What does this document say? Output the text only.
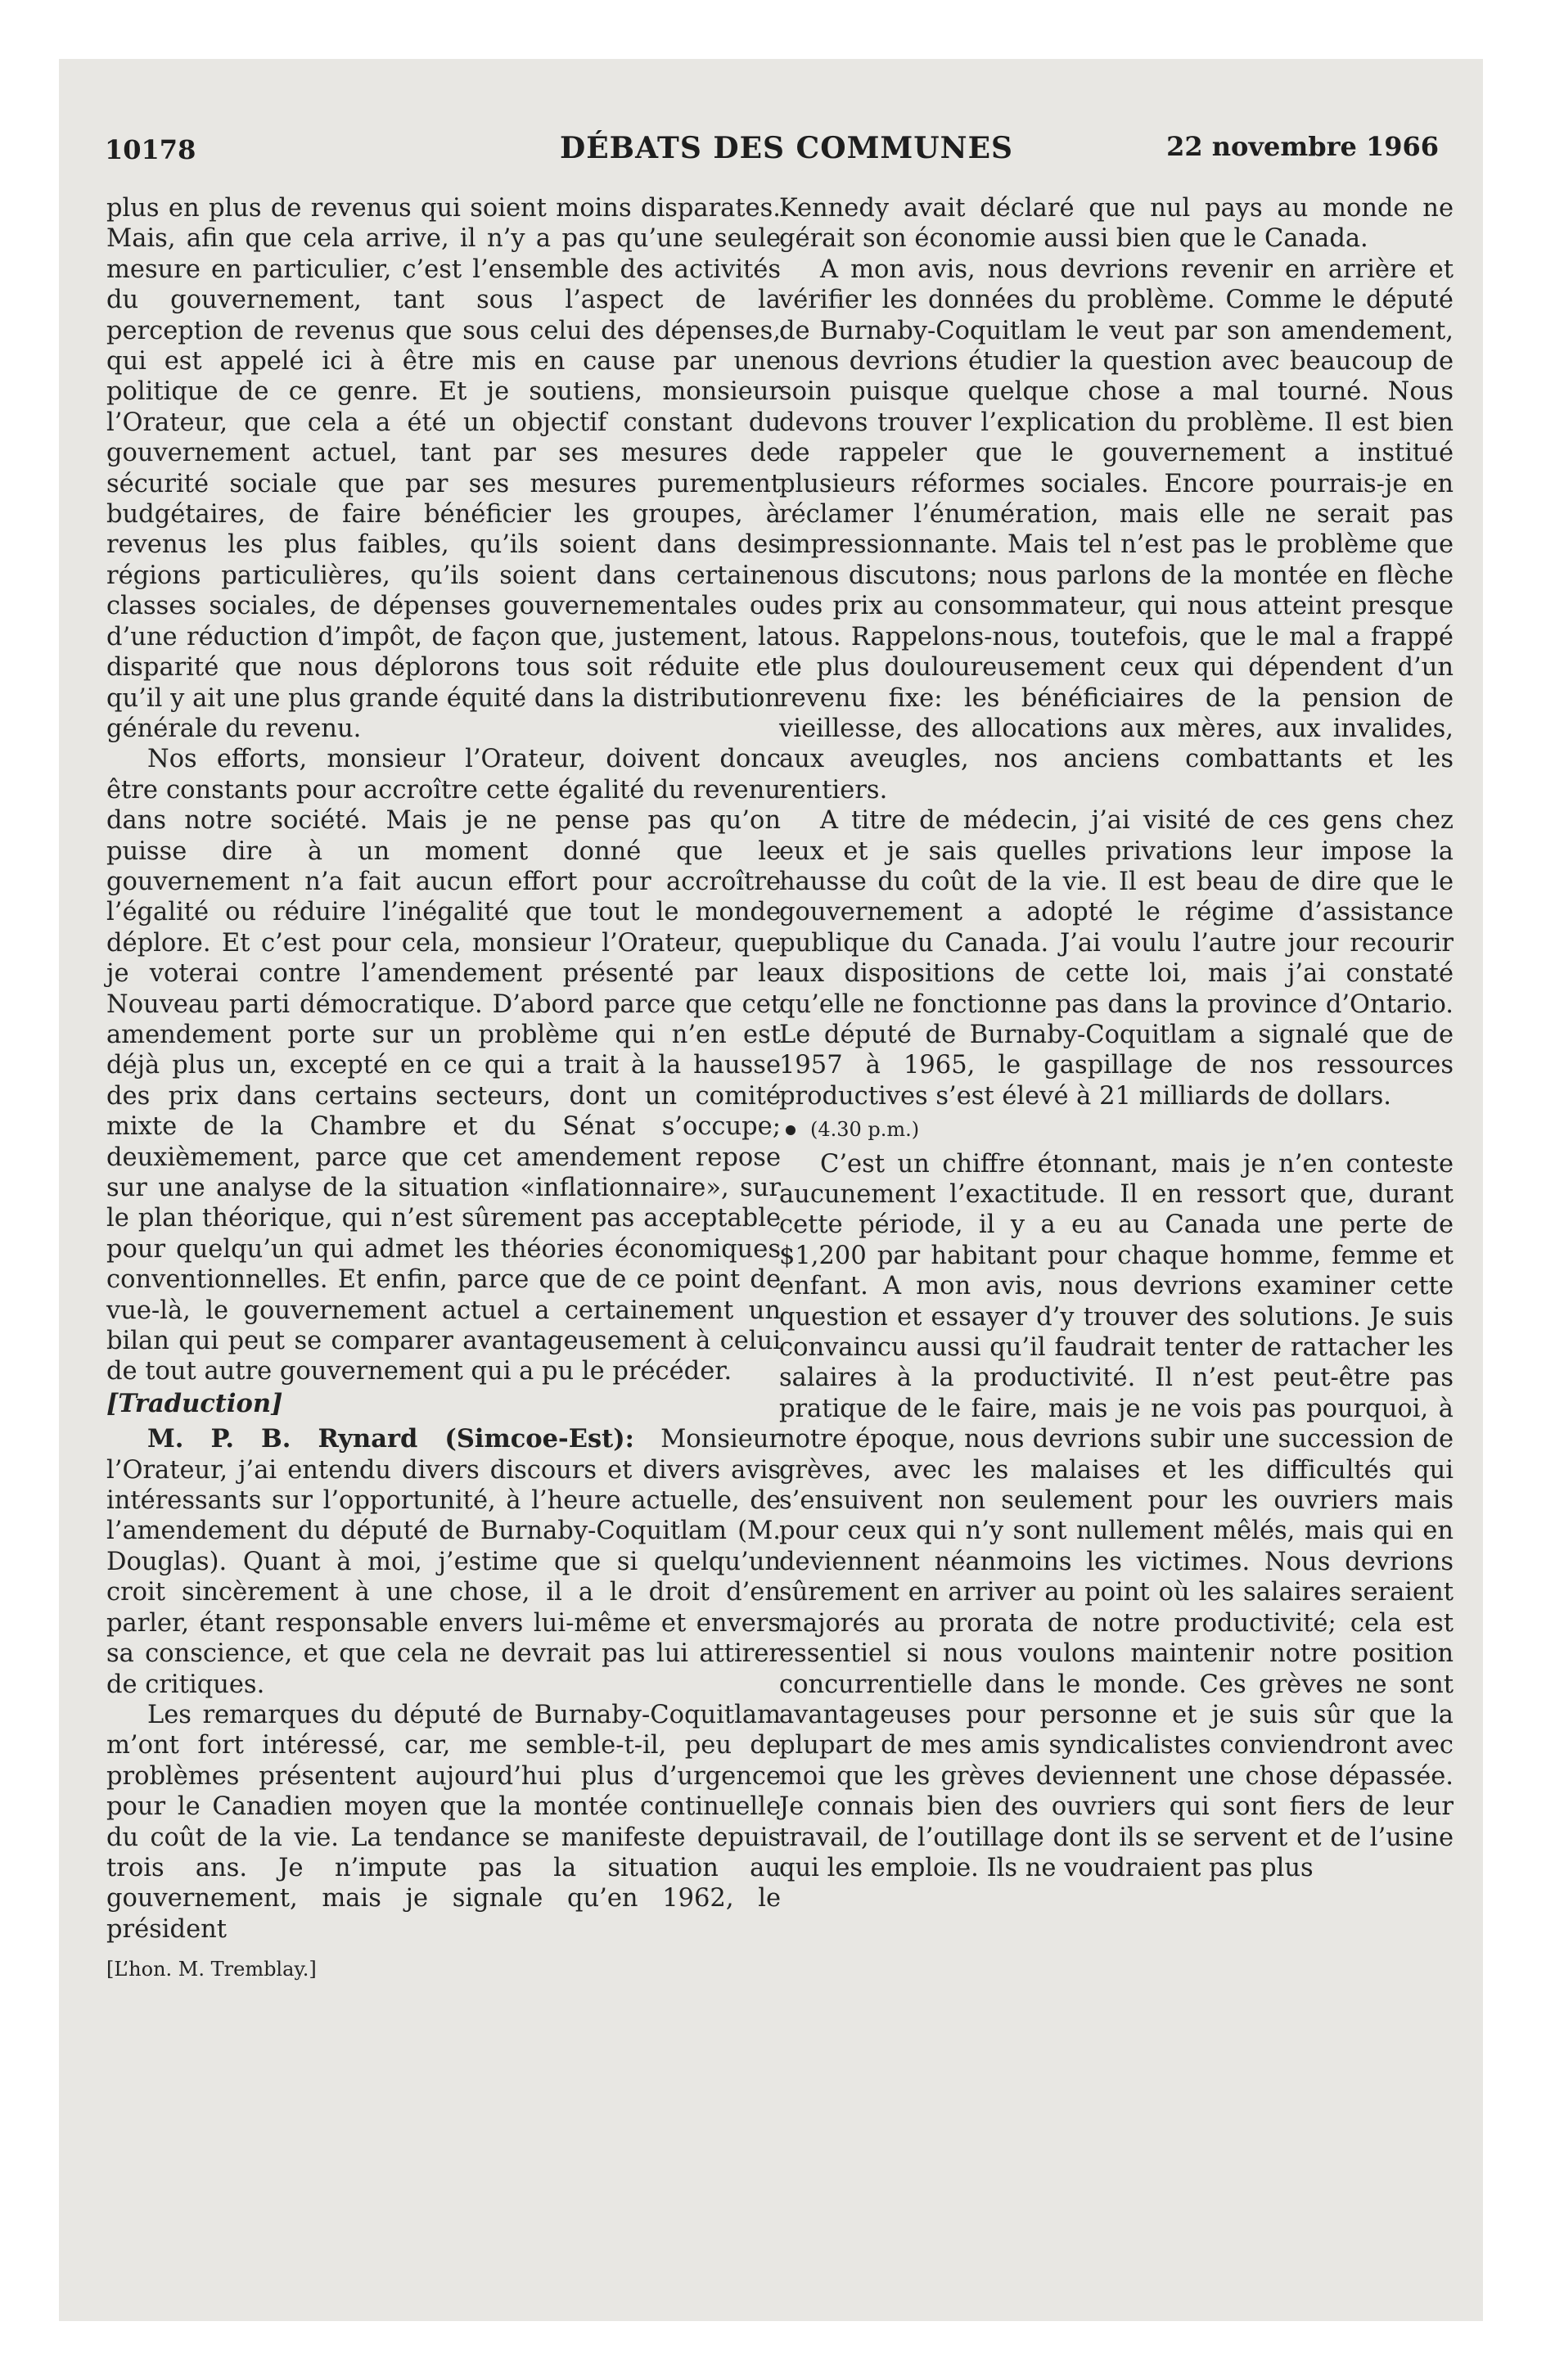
10178	DÉBATS DES COMMUNES	22 novembre 1966

plus en plus de revenus qui soient moins disparates. Mais, afin que cela arrive, il n’y a pas qu’une seule mesure en particulier, c’est l’ensemble des activités du gouvernement, tant sous l’aspect de la perception de revenus que sous celui des dépenses, qui est appelé ici à être mis en cause par une politique de ce genre. Et je soutiens, monsieur l’Orateur, que cela a été un objectif constant du gouvernement actuel, tant par ses mesures de sécurité sociale que par ses mesures purement budgétaires, de faire bénéficier les groupes, à revenus les plus faibles, qu’ils soient dans des régions particulières, qu’ils soient dans certaine classes sociales, de dépenses gouvernementales ou d’une réduction d’impôt, de façon que, justement, la disparité que nous déplorons tous soit réduite et qu’il y ait une plus grande équité dans la distribution générale du revenu.

Nos efforts, monsieur l’Orateur, doivent donc être constants pour accroître cette égalité du revenu dans notre société. Mais je ne pense pas qu’on puisse dire à un moment donné que le gouvernement n’a fait aucun effort pour accroître l’égalité ou réduire l’inégalité que tout le monde déplore. Et c’est pour cela, monsieur l’Orateur, que je voterai contre l’amendement présenté par le Nouveau parti démocratique. D’abord parce que cet amendement porte sur un problème qui n’en est déjà plus un, excepté en ce qui a trait à la hausse des prix dans certains secteurs, dont un comité mixte de la Chambre et du Sénat s’occupe; deuxièmement, parce que cet amendement repose sur une analyse de la situation «inflationnaire», sur le plan théorique, qui n’est sûrement pas acceptable pour quelqu’un qui admet les théories économiques conventionnelles. Et enfin, parce que de ce point de vue-là, le gouvernement actuel a certainement un bilan qui peut se comparer avantageusement à celui de tout autre gouvernement qui a pu le précéder.

[Traduction]

M. P. B. Rynard (Simcoe-Est): Monsieur l’Orateur, j’ai entendu divers discours et divers avis intéressants sur l’opportunité, à l’heure actuelle, de l’amendement du député de Burnaby-Coquitlam (M. Douglas). Quant à moi, j’estime que si quelqu’un croit sincèrement à une chose, il a le droit d’en parler, étant responsable envers lui-même et envers sa conscience, et que cela ne devrait pas lui attirer de critiques.

Les remarques du député de Burnaby-Coquitlam m’ont fort intéressé, car, me semble-t-il, peu de problèmes présentent aujourd’hui plus d’urgence pour le Canadien moyen que la montée continuelle du coût de la vie. La tendance se manifeste depuis trois ans. Je n’impute pas la situation au gouvernement, mais je signale qu’en 1962, le président

[L’hon. M. Tremblay.]

Kennedy avait déclaré que nul pays au monde ne gérait son économie aussi bien que le Canada.

A mon avis, nous devrions revenir en arrière et vérifier les données du problème. Comme le député de Burnaby-Coquitlam le veut par son amendement, nous devrions étudier la question avec beaucoup de soin puisque quelque chose a mal tourné. Nous devons trouver l’explication du problème. Il est bien de rappeler que le gouvernement a institué plusieurs réformes sociales. Encore pourrais-je en réclamer l’énumération, mais elle ne serait pas impressionnante. Mais tel n’est pas le problème que nous discutons; nous parlons de la montée en flèche des prix au consommateur, qui nous atteint presque tous. Rappelons-nous, toutefois, que le mal a frappé le plus douloureusement ceux qui dépendent d’un revenu fixe: les bénéficiaires de la pension de vieillesse, des allocations aux mères, aux invalides, aux aveugles, nos anciens combattants et les rentiers.

A titre de médecin, j’ai visité de ces gens chez eux et je sais quelles privations leur impose la hausse du coût de la vie. Il est beau de dire que le gouvernement a adopté le régime d’assistance publique du Canada. J’ai voulu l’autre jour recourir aux dispositions de cette loi, mais j’ai constaté qu’elle ne fonctionne pas dans la province d’Ontario. Le député de Burnaby-Coquitlam a signalé que de 1957 à 1965, le gaspillage de nos ressources productives s’est élevé à 21 milliards de dollars.

(4.30 p.m.)

C’est un chiffre étonnant, mais je n’en conteste aucunement l’exactitude. Il en ressort que, durant cette période, il y a eu au Canada une perte de $1,200 par habitant pour chaque homme, femme et enfant. A mon avis, nous devrions examiner cette question et essayer d’y trouver des solutions. Je suis convaincu aussi qu’il faudrait tenter de rattacher les salaires à la productivité. Il n’est peut-être pas pratique de le faire, mais je ne vois pas pourquoi, à notre époque, nous devrions subir une succession de grèves, avec les malaises et les difficultés qui s’ensuivent non seulement pour les ouvriers mais pour ceux qui n’y sont nullement mêlés, mais qui en deviennent néanmoins les victimes. Nous devrions sûrement en arriver au point où les salaires seraient majorés au prorata de notre productivité; cela est essentiel si nous voulons maintenir notre position concurrentielle dans le monde. Ces grèves ne sont avantageuses pour personne et je suis sûr que la plupart de mes amis syndicalistes conviendront avec moi que les grèves deviennent une chose dépassée. Je connais bien des ouvriers qui sont fiers de leur travail, de l’outillage dont ils se servent et de l’usine qui les emploie. Ils ne voudraient pas plus
